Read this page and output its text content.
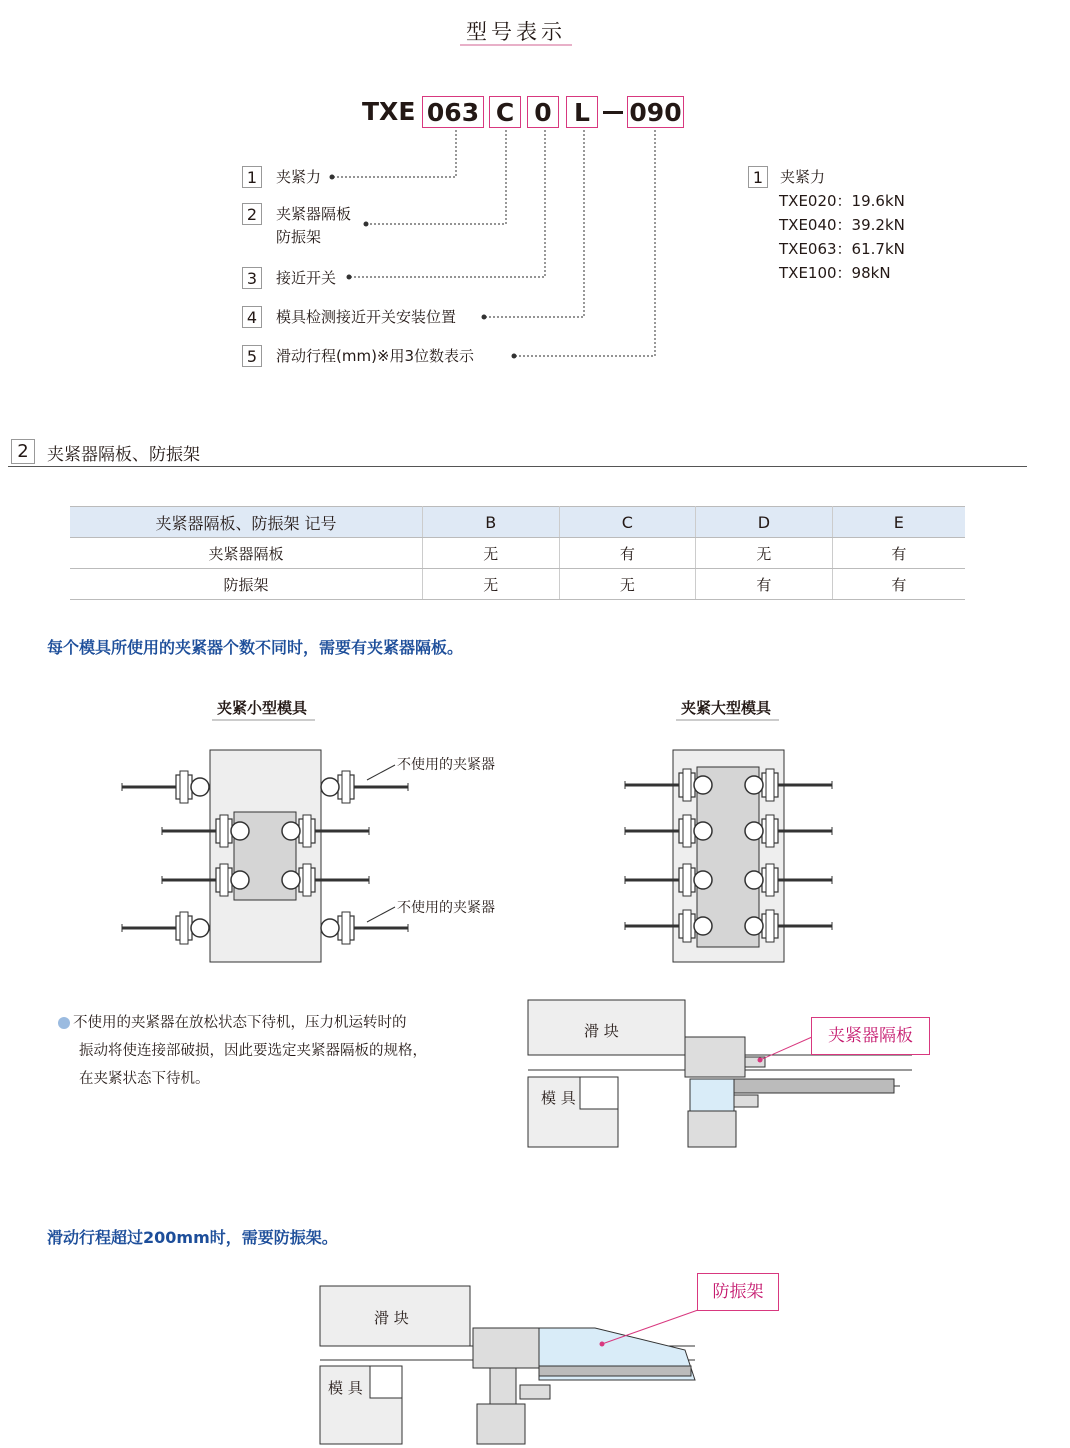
型号表示
TXE 063 C 0 L	090
1	夹紧力
2	夹紧器隔板
防振架
3	接近开关
4	模具检测接近开关安装位置
5	滑动行程(mm)※用3位数表示
1	夹紧力
TXE020：19.6kN
TXE040：39.2kN
TXE063：61.7kN
TXE100：98kN
2	夹紧器隔板、防振架
夹紧器隔板、防振架 记号	B	C	D	E
夹紧器隔板	无	有	无	有
防振架	无	无	有	有
每个模具所使用的夹紧器个数不同时，需要有夹紧器隔板。
夹紧小型模具	夹紧大型模具
不使用的夹紧器
不使用的夹紧器
不使用的夹紧器在放松状态下待机，压力机运转时的
振动将使连接部破损，因此要选定夹紧器隔板的规格，
在夹紧状态下待机。
滑 块
模 具
夹紧器隔板
滑动行程超过200mm时，需要防振架。
滑 块
模 具
防振架
